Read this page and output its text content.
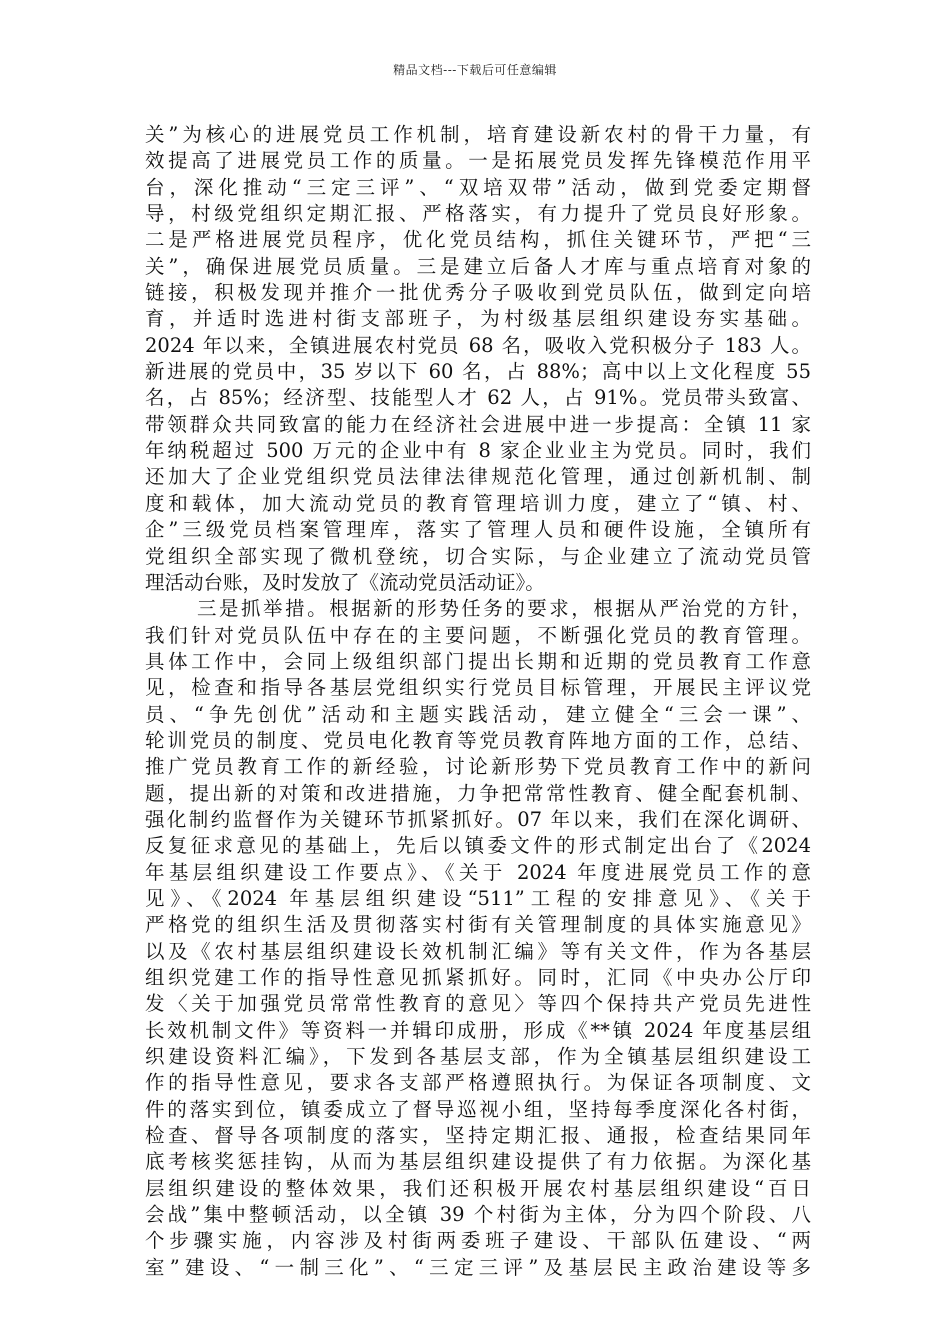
精品文档---下载后可任意编辑
关”为核心的进展党员工作机制，培育建设新农村的骨干力量，有
效提高了进展党员工作的质量。一是拓展党员发挥先锋模范作用平
台，深化推动“三定三评”、“双培双带”活动，做到党委定期督
导，村级党组织定期汇报、严格落实，有力提升了党员良好形象。
二是严格进展党员程序，优化党员结构，抓住关键环节，严把“三
关”，确保进展党员质量。三是建立后备人才库与重点培育对象的
链接，积极发现并推介一批优秀分子吸收到党员队伍，做到定向培
育，并适时选进村街支部班子，为村级基层组织建设夯实基础。
2024 年以来，全镇进展农村党员 68 名，吸收入党积极分子 183 人。
新进展的党员中，35 岁以下 60 名，占 88%；高中以上文化程度 55
名，占 85%；经济型、技能型人才 62 人，占 91%。党员带头致富、
带领群众共同致富的能力在经济社会进展中进一步提高：全镇 11 家
年纳税超过 500 万元的企业中有 8 家企业业主为党员。同时，我们
还加大了企业党组织党员法律法律规范化管理，通过创新机制、制
度和载体，加大流动党员的教育管理培训力度，建立了“镇、村、
企”三级党员档案管理库，落实了管理人员和硬件设施，全镇所有
党组织全部实现了微机登统，切合实际，与企业建立了流动党员管
理活动台账，及时发放了《流动党员活动证》。
三是抓举措。根据新的形势任务的要求，根据从严治党的方针，
我们针对党员队伍中存在的主要问题，不断强化党员的教育管理。
具体工作中，会同上级组织部门提出长期和近期的党员教育工作意
见，检查和指导各基层党组织实行党员目标管理，开展民主评议党
员、“争先创优”活动和主题实践活动，建立健全“三会一课”、
轮训党员的制度、党员电化教育等党员教育阵地方面的工作，总结、
推广党员教育工作的新经验，讨论新形势下党员教育工作中的新问
题，提出新的对策和改进措施，力争把常常性教育、健全配套机制、
强化制约监督作为关键环节抓紧抓好。07 年以来，我们在深化调研、
反复征求意见的基础上，先后以镇委文件的形式制定出台了《2024
年基层组织建设工作要点》、《关于 2024 年度进展党员工作的意
见》、《2024 年基层组织建设“511”工程的安排意见》、《关于
严格党的组织生活及贯彻落实村街有关管理制度的具体实施意见》
以及《农村基层组织建设长效机制汇编》等有关文件，作为各基层
组织党建工作的指导性意见抓紧抓好。同时，汇同《中央办公厅印
发〈关于加强党员常常性教育的意见〉等四个保持共产党员先进性
长效机制文件》等资料一并辑印成册，形成《**镇 2024 年度基层组
织建设资料汇编》，下发到各基层支部，作为全镇基层组织建设工
作的指导性意见，要求各支部严格遵照执行。为保证各项制度、文
件的落实到位，镇委成立了督导巡视小组，坚持每季度深化各村街，
检查、督导各项制度的落实，坚持定期汇报、通报，检查结果同年
底考核奖惩挂钩，从而为基层组织建设提供了有力依据。为深化基
层组织建设的整体效果，我们还积极开展农村基层组织建设“百日
会战”集中整顿活动，以全镇 39 个村街为主体，分为四个阶段、八
个步骤实施，内容涉及村街两委班子建设、干部队伍建设、“两
室”建设、“一制三化”、“三定三评”及基层民主政治建设等多
